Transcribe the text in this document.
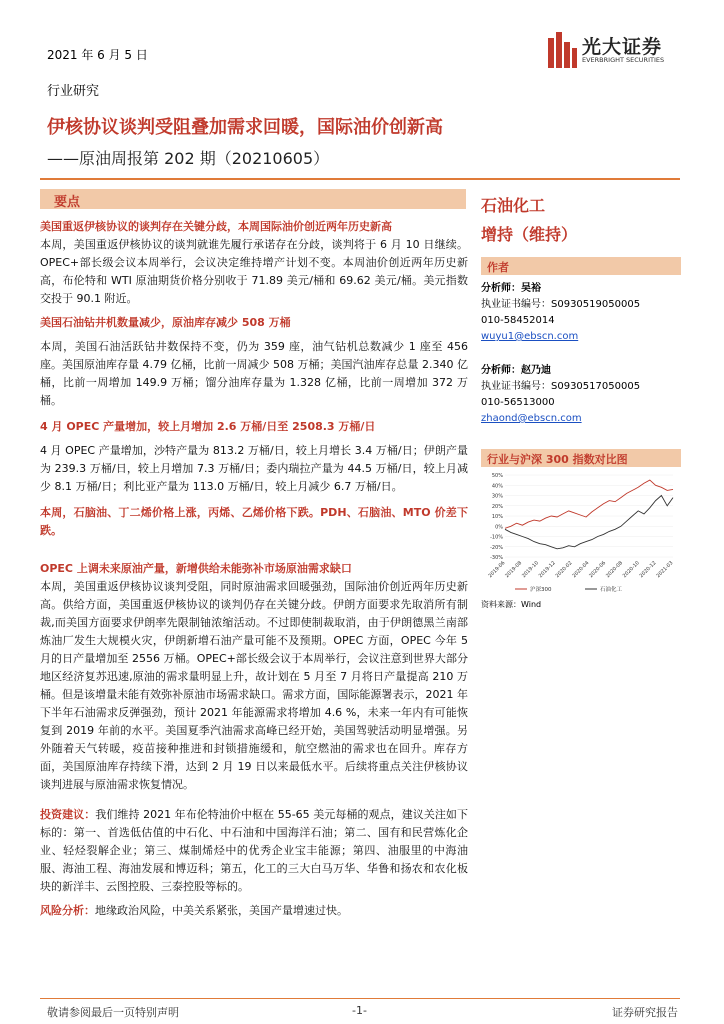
2021 年 6 月 5 日	光大证券
EVERBRIGHT SECURITIES
行业研究
伊核协议谈判受阻叠加需求回暖，国际油价创新高
——原油周报第 202 期（20210605）
要点

美国重返伊核协议的谈判存在关键分歧，本周国际油价创近两年历史新高

本周，美国重返伊核协议的谈判就谁先履行承诺存在分歧，谈判将于 6 月 10 日继续。OPEC+部长级会议本周举行，会议决定维持增产计划不变。本周油价创近两年历史新高，布伦特和 WTI 原油期货价格分别收于 71.89 美元/桶和 69.62 美元/桶。美元指数交投于 90.1 附近。

美国石油钻井机数量减少，原油库存减少 508 万桶

本周，美国石油活跃钻井数保持不变，仍为 359 座，油气钻机总数减少 1 座至 456 座。美国原油库存量 4.79 亿桶，比前一周减少 508 万桶；美国汽油库存总量 2.340 亿桶，比前一周增加 149.9 万桶；馏分油库存量为 1.328 亿桶，比前一周增加 372 万桶。

4 月 OPEC 产量增加，较上月增加 2.6 万桶/日至 2508.3 万桶/日

4 月 OPEC 产量增加，沙特产量为 813.2 万桶/日，较上月增长 3.4 万桶/日；伊朗产量为 239.3 万桶/日，较上月增加 7.3 万桶/日；委内瑞拉产量为 44.5 万桶/日，较上月减少 8.1 万桶/日；利比亚产量为 113.0 万桶/日，较上月减少 6.7 万桶/日。

本周，石脑油、丁二烯价格上涨，丙烯、乙烯价格下跌。PDH、石脑油、MTO 价差下跌。

OPEC 上调未来原油产量，新增供给未能弥补市场原油需求缺口

本周，美国重返伊核协议谈判受阻，同时原油需求回暖强劲，国际油价创近两年历史新高。供给方面，美国重返伊核协议的谈判仍存在关键分歧。伊朗方面要求先取消所有制裁,而美国方面要求伊朗率先限制铀浓缩活动。不过即使制裁取消，由于伊朗德黑兰南部炼油厂发生大规模火灾，伊朗新增石油产量可能不及预期。OPEC 方面，OPEC 今年 5 月的日产量增加至 2556 万桶。OPEC+部长级会议于本周举行，会议注意到世界大部分地区经济复苏迅速,原油的需求量明显上升，故计划在 5 月至 7 月将日产量提高 210 万桶。但是该增量未能有效弥补原油市场需求缺口。需求方面，国际能源署表示，2021 年下半年石油需求反弹强劲，预计 2021 年能源需求将增加 4.6 %，未来一年内有可能恢复到 2019 年前的水平。美国夏季汽油需求高峰已经开始，美国驾驶活动明显增强。另外随着天气转暖，疫苗接种推进和封锁措施缓和，航空燃油的需求也在回升。库存方面，美国原油库存持续下滑，达到 2 月 19 日以来最低水平。后续将重点关注伊核协议谈判进展与原油需求恢复情况。

投资建议：我们维持 2021 年布伦特油价中枢在 55-65 美元每桶的观点，建议关注如下标的：第一、首选低估值的中石化、中石油和中国海洋石油；第二、国有和民营炼化企业、轻烃裂解企业；第三、煤制烯烃中的优秀企业宝丰能源；第四、油服里的中海油服、海油工程、海油发展和博迈科；第五，化工的三大白马万华、华鲁和扬农和农化板块的新洋丰、云图控股、三泰控股等标的。

风险分析：地缘政治风险，中美关系紧张，美国产量增速过快。

石油化工
增持（维持）
作者
分析师：吴裕
执业证书编号：S0930519050005
010-58452014
wuyu1@ebscn.com
分析师：赵乃迪
执业证书编号：S0930517050005
010-56513000
zhaond@ebscn.com
行业与沪深 300 指数对比图
50%
40%
30%
20%
10%
0%
-10%
-20%
-30%
2019-06
2019-08
2019-10
2019-12
2020-02
2020-04
2020-06
2020-08
2020-10
2020-12
2021-03
沪深300	石油化工
资料来源：Wind
敬请参阅最后一页特别声明	-1-	证券研究报告
